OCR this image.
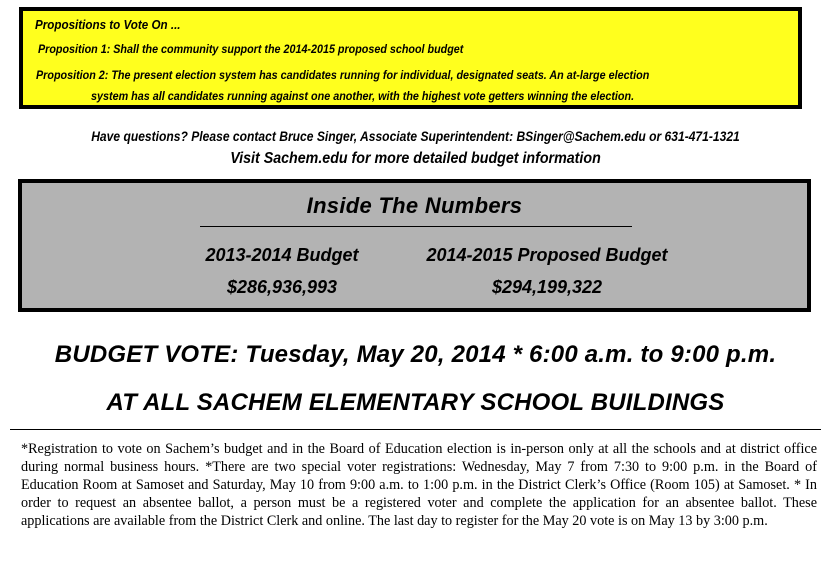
Propositions to Vote On ...
Proposition 1: Shall the community support the 2014-2015 proposed school budget
Proposition 2: The present election system has candidates running for individual, designated seats. An at-large election
system has all candidates running against one another, with the highest vote getters winning the election.
Have questions? Please contact Bruce Singer, Associate Superintendent: BSinger@Sachem.edu or 631-471-1321
Visit Sachem.edu for more detailed budget information
Inside The Numbers
2013-2014 Budget
$286,936,993
2014-2015 Proposed Budget
$294,199,322
BUDGET VOTE: Tuesday, May 20, 2014 * 6:00 a.m. to 9:00 p.m.
AT ALL SACHEM ELEMENTARY SCHOOL BUILDINGS
*Registration to vote on Sachem’s budget and in the Board of Education election is in-person only at all the schools and at district office during normal business hours. *There are two special voter registrations: Wednesday, May 7 from 7:30 to 9:00 p.m. in the Board of Education Room at Samoset and Saturday, May 10 from 9:00 a.m. to 1:00 p.m. in the District Clerk’s Office (Room 105) at Samoset. * In order to request an absentee ballot, a person must be a registered voter and complete the application for an absentee ballot. These applications are available from the District Clerk and online. The last day to register for the May 20 vote is on May 13 by 3:00 p.m.
